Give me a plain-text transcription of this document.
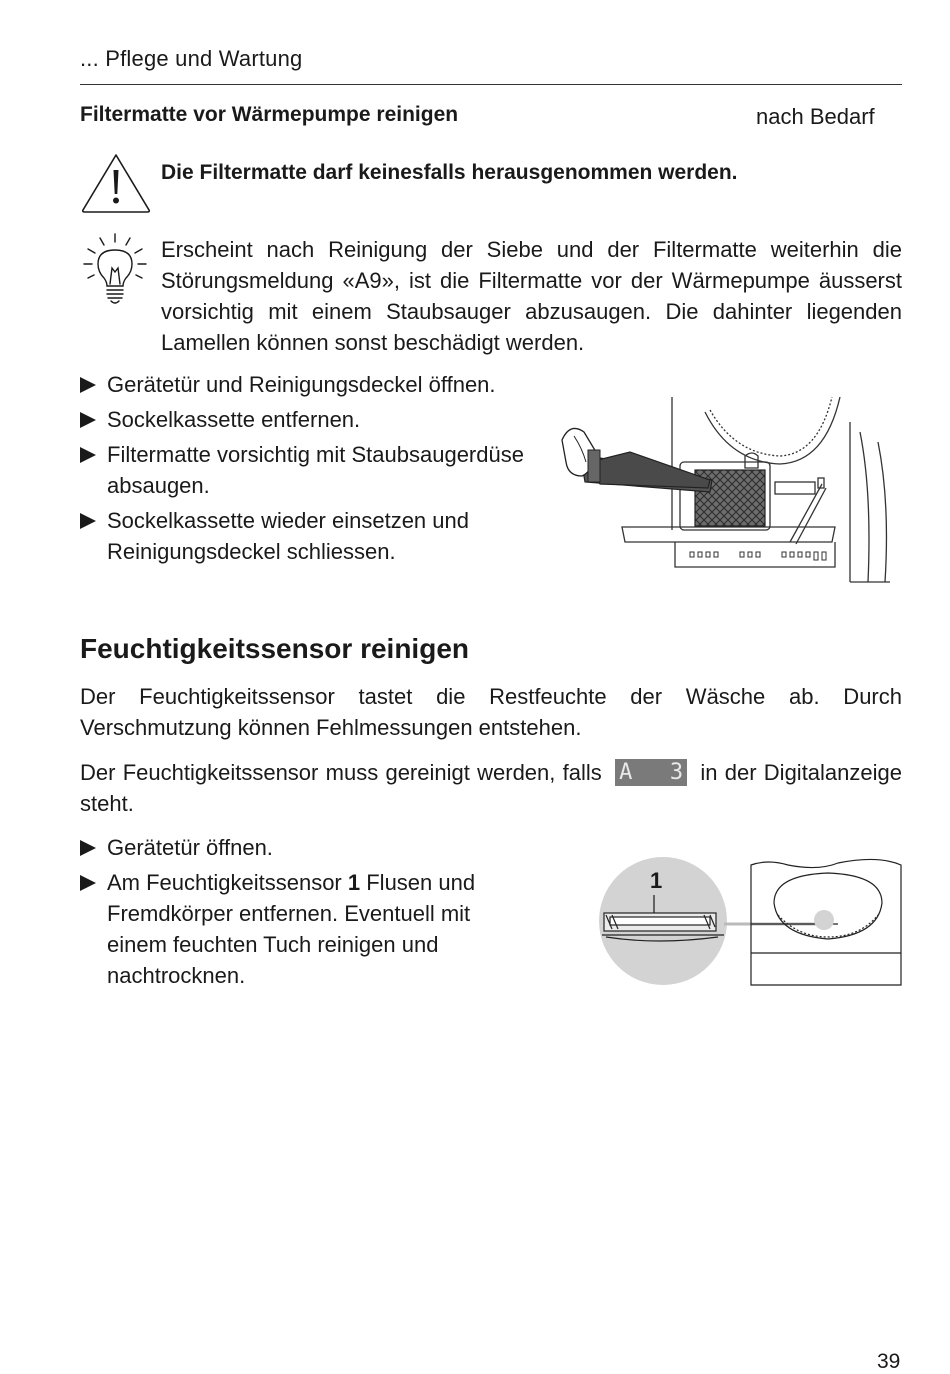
... Pflege und Wartung
Filtermatte vor Wärmepumpe reinigen	nach Bedarf
Die Filtermatte darf keinesfalls herausgenommen werden.
Erscheint nach Reinigung der Siebe und der Filtermatte weiterhin die Störungsmeldung «A9», ist die Filtermatte vor der Wärmepumpe äusserst vorsichtig mit einem Staubsauger abzusaugen. Die dahinter liegenden Lamellen können sonst beschädigt werden.
Gerätetür und Reinigungsdeckel öffnen.
Sockelkassette entfernen.
Filtermatte vorsichtig mit Staubsaugerdüse absaugen.
Sockelkassette wieder einsetzen und Reinigungsdeckel schliessen.
Feuchtigkeitssensor reinigen
Der Feuchtigkeitssensor tastet die Restfeuchte der Wäsche ab. Durch Verschmutzung können Fehlmessungen entstehen.
Der Feuchtigkeitssensor muss gereinigt werden, falls A 3 in der Digitalanzeige steht.
Gerätetür öffnen.
Am Feuchtigkeitssensor 1 Flusen und Fremdkörper entfernen. Eventuell mit einem feuchten Tuch reinigen und nachtrocknen.
1
39
